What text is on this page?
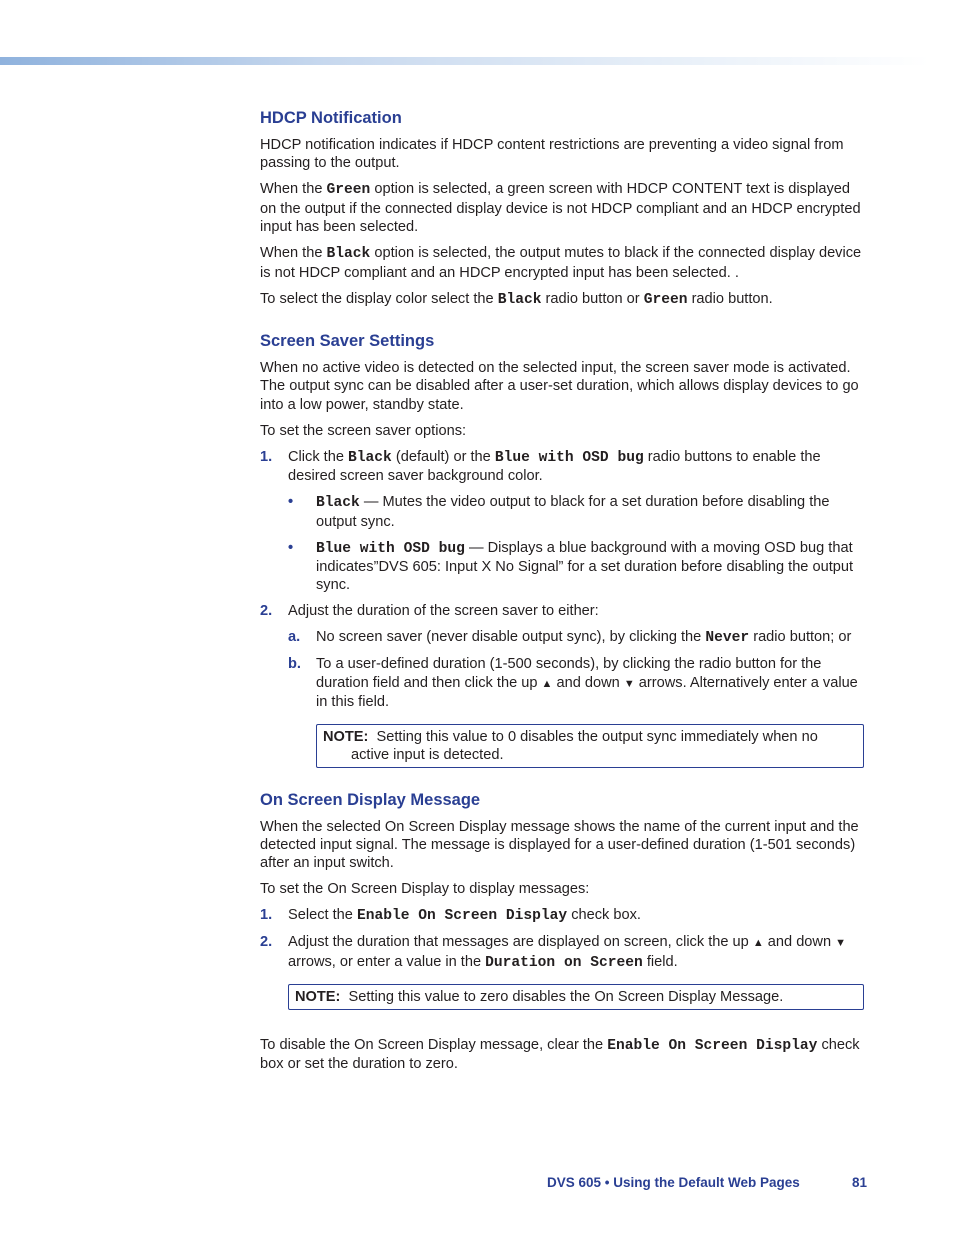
HDCP Notification

HDCP notification indicates if HDCP content restrictions are preventing a video signal from passing to the output.

When the Green option is selected, a green screen with HDCP CONTENT text is displayed on the output if the connected display device is not HDCP compliant and an HDCP encrypted input has been selected.

When the Black option is selected, the output mutes to black if the connected display device is not HDCP compliant and an HDCP encrypted input has been selected. .

To select the display color select the Black radio button or Green radio button.

Screen Saver Settings

When no active video is detected on the selected input, the screen saver mode is activated. The output sync can be disabled after a user-set duration, which allows display devices to go into a low power, standby state.

To set the screen saver options:

1. Click the Black (default) or the Blue with OSD bug radio buttons to enable the desired screen saver background color.
• Black — Mutes the video output to black for a set duration before disabling the output sync.
• Blue with OSD bug — Displays a blue background with a moving OSD bug that indicates”DVS 605: Input X No Signal” for a set duration before disabling the output sync.
2. Adjust the duration of the screen saver to either:
a. No screen saver (never disable output sync), by clicking the Never radio button; or
b. To a user-defined duration (1-500 seconds), by clicking the radio button for the duration field and then click the up ▲ and down ▼ arrows. Alternatively enter a value in this field.
NOTE: Setting this value to 0 disables the output sync immediately when no active input is detected.
On Screen Display Message

When the selected On Screen Display message shows the name of the current input and the detected input signal. The message is displayed for a user-defined duration (1-501 seconds) after an input switch.

To set the On Screen Display to display messages:

1. Select the Enable On Screen Display check box.
2. Adjust the duration that messages are displayed on screen, click the up ▲ and down ▼ arrows, or enter a value in the Duration on Screen field.
NOTE: Setting this value to zero disables the On Screen Display Message.

To disable the On Screen Display message, clear the Enable On Screen Display check box or set the duration to zero.

DVS 605 • Using the Default Web Pages	81
